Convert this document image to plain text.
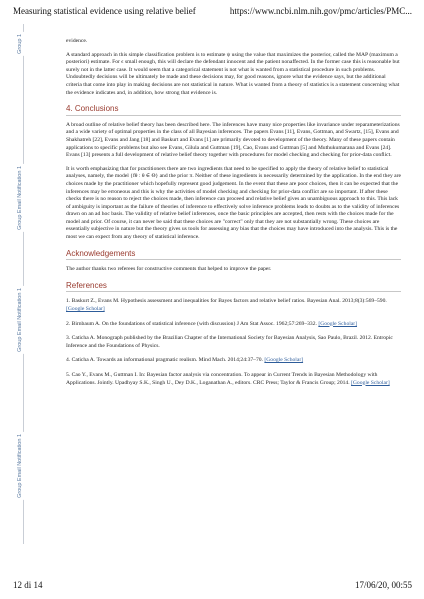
Measuring statistical evidence using relative belief	https://www.ncbi.nlm.nih.gov/pmc/articles/PMC...
Group 1
Group Email Notification 1
Group Email Notification 1
Group Email Notification 1

evidence.

A standard approach in this simple classification problem is to estimate ψ using the value that maximizes the posterior, called the MAP (maximum a posteriori) estimate. For ϵ small enough, this will declare the defendant innocent and the patient nonaffected. In the former case this is reasonable but surely not in the latter case. It would seem that a categorical statement is not what is wanted from a statistical procedure in such problems. Undoubtedly decisions will be ultimately be made and these decisions may, for good reasons, ignore what the evidence says, but the additional criteria that come into play in making decisions are not statistical in nature. What is wanted from a theory of statistics is a statement concerning what the evidence indicates and, in addition, how strong that evidence is.

4. Conclusions

A broad outline of relative belief theory has been described here. The inferences have many nice properties like invariance under reparameterizations and a wide variety of optimal properties in the class of all Bayesian inferences. The papers Evans [11], Evans, Gottman, and Swartz, [15], Evans and Shakhatreh [22], Evans and Jang [18] and Baskurt and Evans [1] are primarily devoted to development of the theory. Many of these papers contain applications to specific problems but also see Evans, Gilula and Guttman [19], Cao, Evans and Guttman [5] and Muthukumarana and Evans [24]. Evans [13] presents a full development of relative belief theory together with procedures for model checking and checking for prior-data conflict.

It is worth emphasizing that for practitioners there are two ingredients that need to be specified to apply the theory of relative belief to statistical analyses, namely, the model {fθ : θ ∈ Θ} and the prior π. Neither of these ingredients is necessarily determined by the application. In the end they are choices made by the practitioner which hopefully represent good judgement. In the event that these are poor choices, then it can be expected that the inferences may be erroneous and this is why the activities of model checking and checking for prior-data conflict are so important. If after these checks there is no reason to reject the choices made, then inference can proceed and relative belief gives an unambiguous approach to this. This lack of ambiguity is important as the failure of theories of inference to effectively solve inference problems leads to doubts as to the validity of inferences drawn on an ad hoc basis. The validity of relative belief inferences, once the basic principles are accepted, then rests with the choices made for the model and prior. Of course, it can never be said that these choices are "correct" only that they are not substantially wrong. These choices are essentially subjective in nature but the theory gives us tools for assessing any bias that the choices may have introduced into the analysis. This is the most we can expect from any theory of statistical inference.

Acknowledgements

The author thanks two referees for constructive comments that helped to improve the paper.

References
1. Baskurt Z., Evans M. Hypothesis assessment and inequalities for Bayes factors and relative belief ratios. Bayesian Anal. 2013;8(3):569–590. [Google Scholar]
2. Birnbaum A. On the foundations of statistical inference (with discussion) J Am Stat Assoc. 1962;57:269–332. [Google Scholar]
3. Caticha A. Monograph published by the Brazilian Chapter of the International Society for Bayesian Analysis, Sao Paulo, Brazil. 2012. Entropic Inference and the Foundations of Physics.
4. Caticha A. Towards an informational pragmatic realism. Mind Mach. 2014;24:37–70. [Google Scholar]
5. Cao Y., Evans M., Guttman I. In: Bayesian factor analysis via concentration. To appear in Current Trends in Bayesian Methodology with Applications. Jointly. Upadhyay S.K., Singh U., Dey D.K., Loganathan A., editors. CRC Press; Taylor & Francis Group; 2014. [Google Scholar]
12 di 14	17/06/20, 00:55
